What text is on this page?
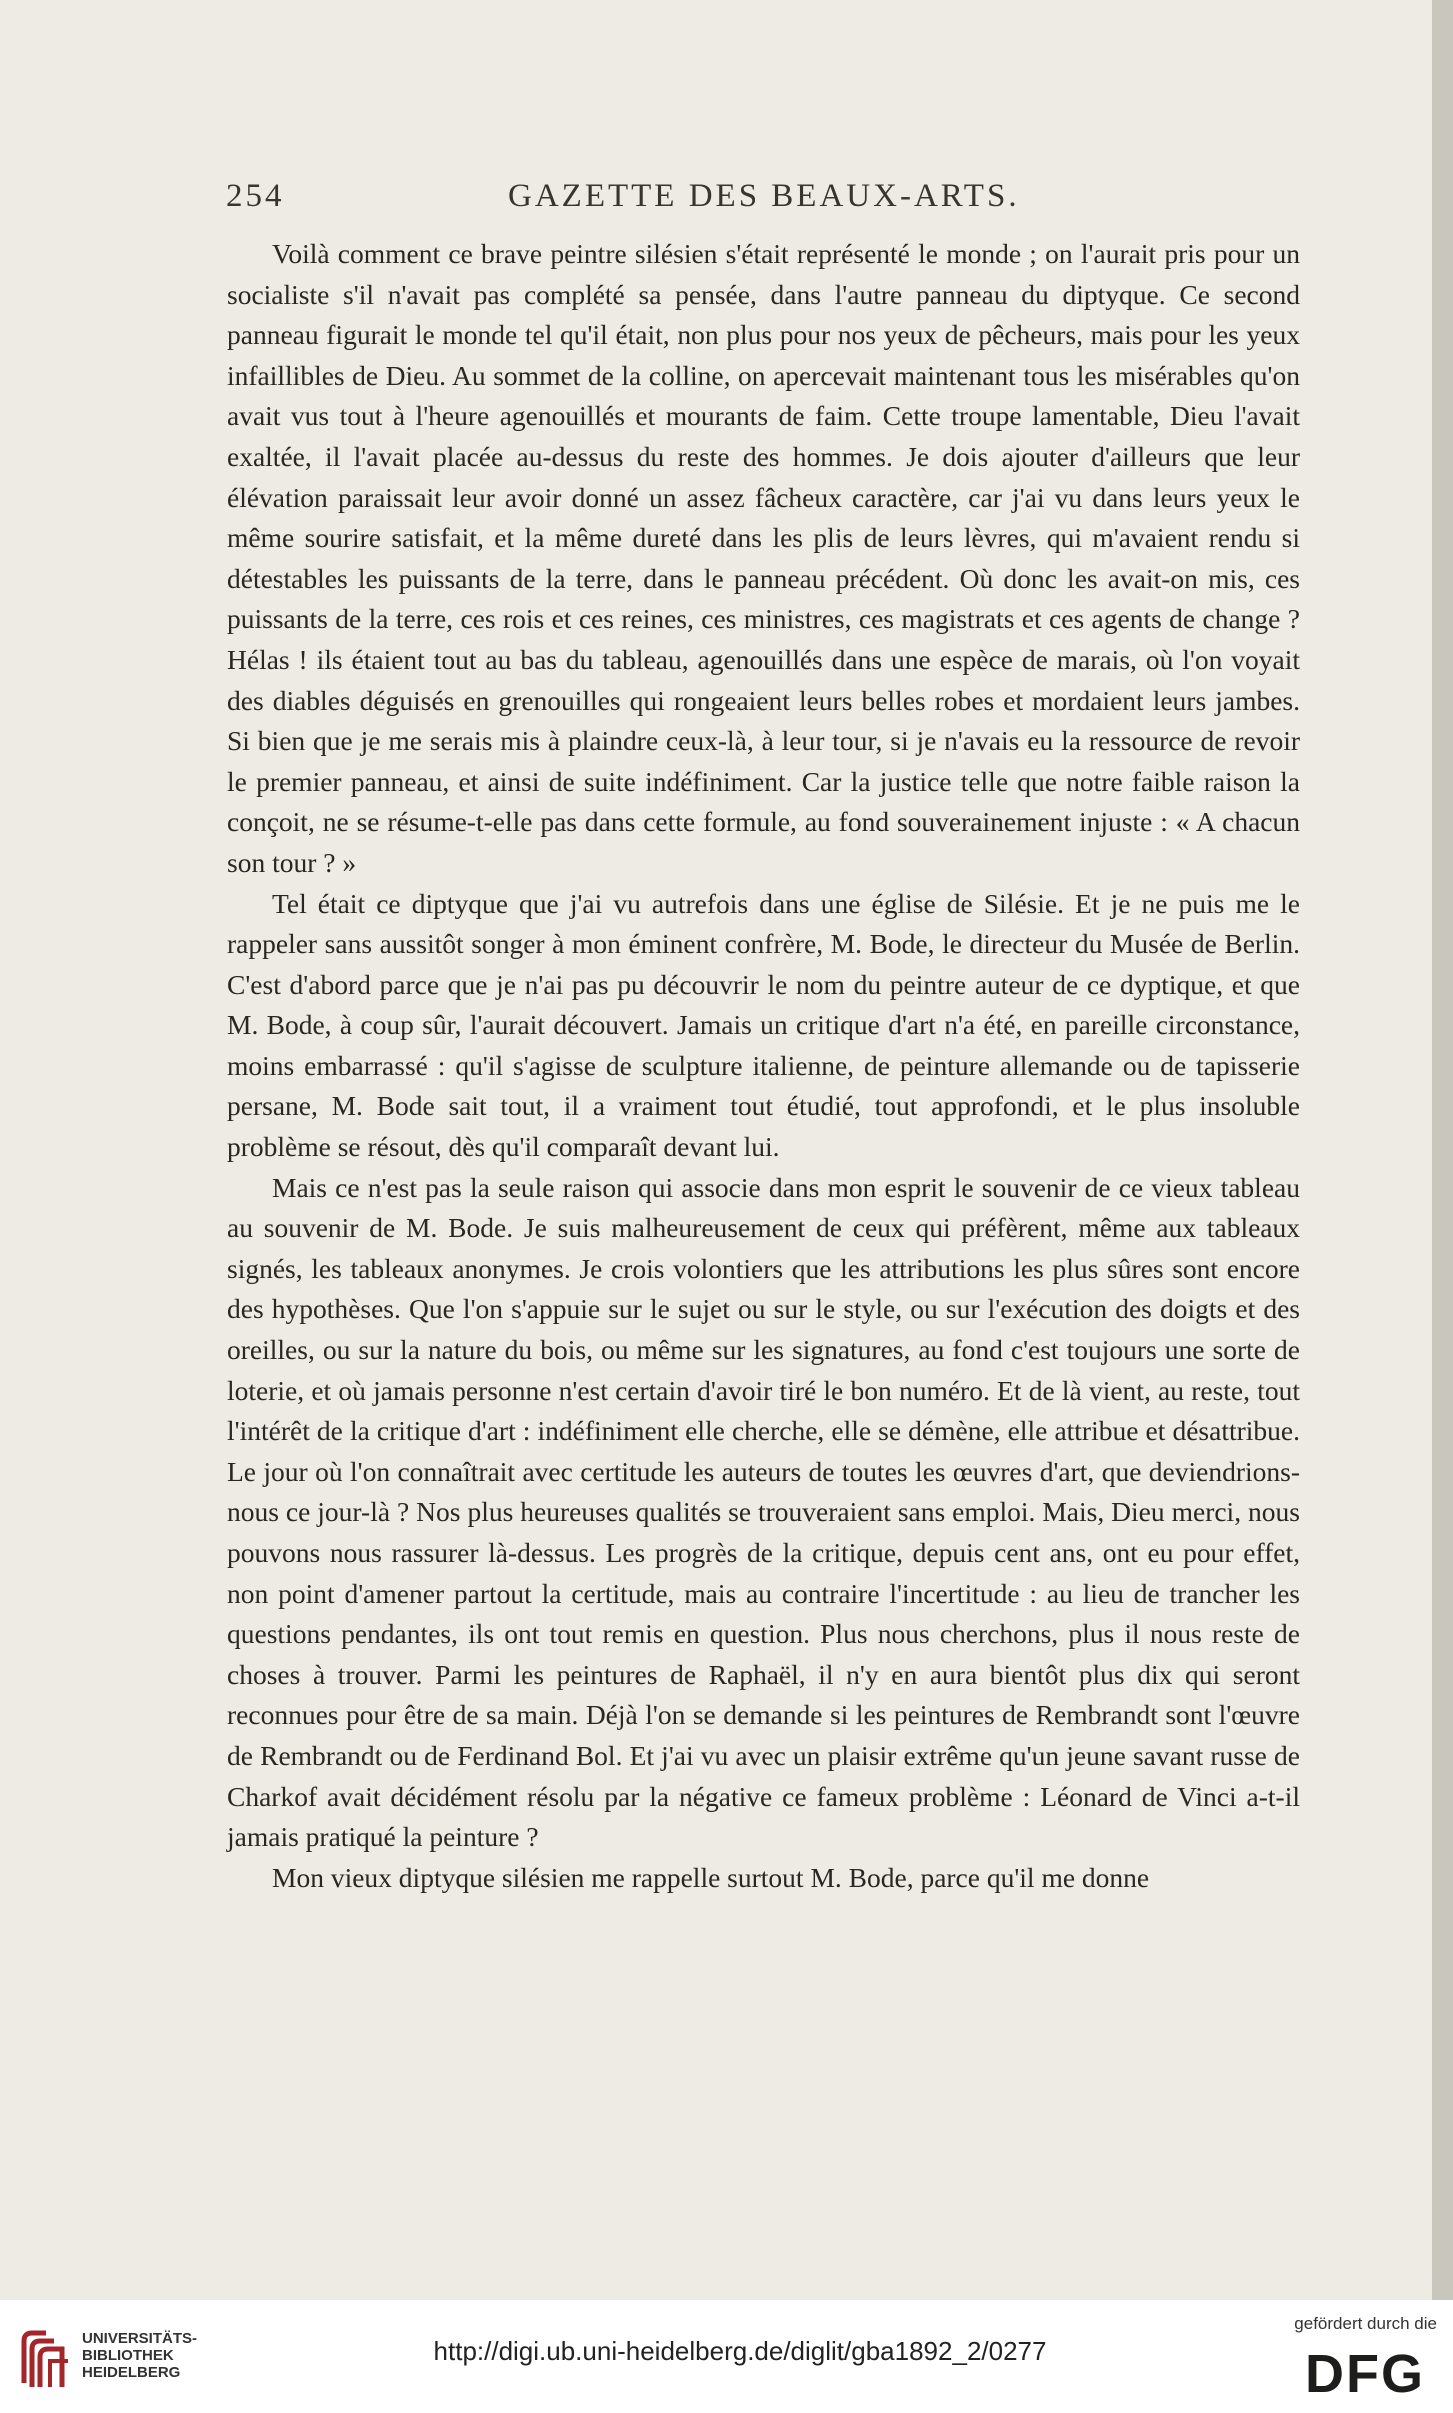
254	GAZETTE DES BEAUX-ARTS.

Voilà comment ce brave peintre silésien s'était représenté le monde ; on l'aurait pris pour un socialiste s'il n'avait pas complété sa pensée, dans l'autre panneau du diptyque. Ce second panneau figurait le monde tel qu'il était, non plus pour nos yeux de pêcheurs, mais pour les yeux infaillibles de Dieu. Au sommet de la colline, on apercevait maintenant tous les misérables qu'on avait vus tout à l'heure agenouillés et mourants de faim. Cette troupe lamentable, Dieu l'avait exaltée, il l'avait placée au-dessus du reste des hommes. Je dois ajouter d'ailleurs que leur élévation paraissait leur avoir donné un assez fâcheux caractère, car j'ai vu dans leurs yeux le même sourire satisfait, et la même dureté dans les plis de leurs lèvres, qui m'avaient rendu si détestables les puissants de la terre, dans le panneau précédent. Où donc les avait-on mis, ces puissants de la terre, ces rois et ces reines, ces ministres, ces magistrats et ces agents de change ? Hélas ! ils étaient tout au bas du tableau, agenouillés dans une espèce de marais, où l'on voyait des diables déguisés en grenouilles qui rongeaient leurs belles robes et mordaient leurs jambes. Si bien que je me serais mis à plaindre ceux-là, à leur tour, si je n'avais eu la ressource de revoir le premier panneau, et ainsi de suite indéfiniment. Car la justice telle que notre faible raison la conçoit, ne se résume-t-elle pas dans cette formule, au fond souverainement injuste : « A chacun son tour ? »

Tel était ce diptyque que j'ai vu autrefois dans une église de Silésie. Et je ne puis me le rappeler sans aussitôt songer à mon éminent confrère, M. Bode, le directeur du Musée de Berlin. C'est d'abord parce que je n'ai pas pu découvrir le nom du peintre auteur de ce dyptique, et que M. Bode, à coup sûr, l'aurait découvert. Jamais un critique d'art n'a été, en pareille circonstance, moins embarrassé : qu'il s'agisse de sculpture italienne, de peinture allemande ou de tapisserie persane, M. Bode sait tout, il a vraiment tout étudié, tout approfondi, et le plus insoluble problème se résout, dès qu'il comparaît devant lui.

Mais ce n'est pas la seule raison qui associe dans mon esprit le souvenir de ce vieux tableau au souvenir de M. Bode. Je suis malheureusement de ceux qui préfèrent, même aux tableaux signés, les tableaux anonymes. Je crois volontiers que les attributions les plus sûres sont encore des hypothèses. Que l'on s'appuie sur le sujet ou sur le style, ou sur l'exécution des doigts et des oreilles, ou sur la nature du bois, ou même sur les signatures, au fond c'est toujours une sorte de loterie, et où jamais personne n'est certain d'avoir tiré le bon numéro. Et de là vient, au reste, tout l'intérêt de la critique d'art : indéfiniment elle cherche, elle se démène, elle attribue et désattribue. Le jour où l'on connaîtrait avec certitude les auteurs de toutes les œuvres d'art, que deviendrions-nous ce jour-là ? Nos plus heureuses qualités se trouveraient sans emploi. Mais, Dieu merci, nous pouvons nous rassurer là-dessus. Les progrès de la critique, depuis cent ans, ont eu pour effet, non point d'amener partout la certitude, mais au contraire l'incertitude : au lieu de trancher les questions pendantes, ils ont tout remis en question. Plus nous cherchons, plus il nous reste de choses à trouver. Parmi les peintures de Raphaël, il n'y en aura bientôt plus dix qui seront reconnues pour être de sa main. Déjà l'on se demande si les peintures de Rembrandt sont l'œuvre de Rembrandt ou de Ferdinand Bol. Et j'ai vu avec un plaisir extrême qu'un jeune savant russe de Charkof avait décidément résolu par la négative ce fameux problème : Léonard de Vinci a-t-il jamais pratiqué la peinture ?

Mon vieux diptyque silésien me rappelle surtout M. Bode, parce qu'il me donne

UNIVERSITÄTS-
BIBLIOTHEK
HEIDELBERG
http://digi.ub.uni-heidelberg.de/diglit/gba1892_2/0277
gefördert durch die
DFG
